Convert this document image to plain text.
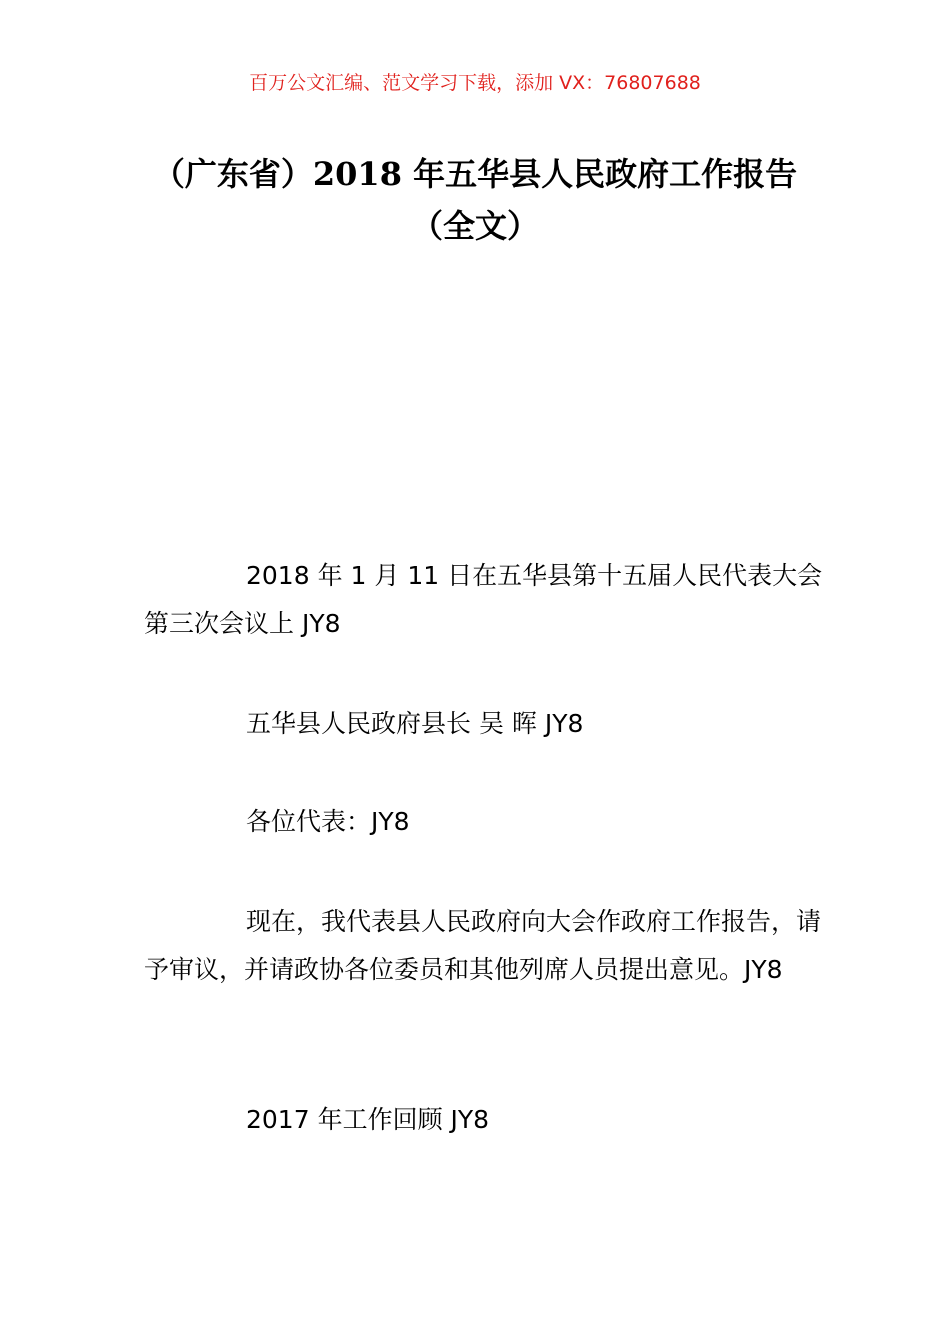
百万公文汇编、范文学习下载，添加 VX：76807688
（广东省）2018 年五华县人民政府工作报告（全文）
2018 年 1 月 11 日在五华县第十五届人民代表大会第三次会议上 JY8
五华县人民政府县长 吴 晖 JY8
各位代表：JY8
现在，我代表县人民政府向大会作政府工作报告，请予审议，并请政协各位委员和其他列席人员提出意见。JY8
2017 年工作回顾 JY8
